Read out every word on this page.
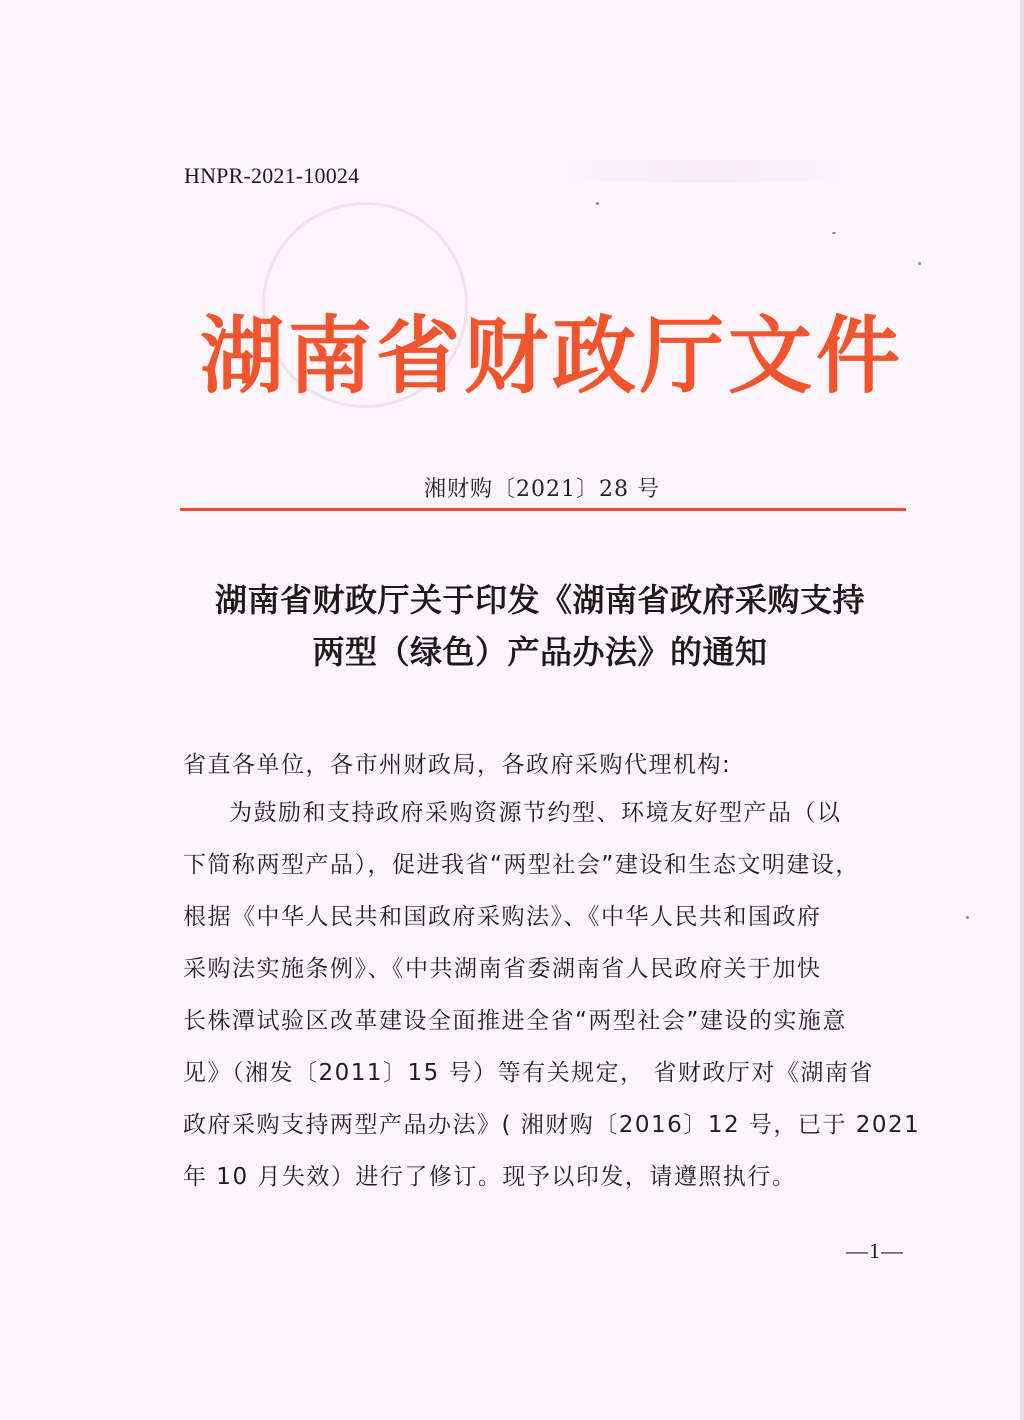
HNPR-2021-10024
湖南省财政厅文件
湘财购〔2021〕28 号
湖南省财政厅关于印发《湖南省政府采购支持
两型（绿色）产品办法》的通知
省直各单位，各市州财政局，各政府采购代理机构:
为鼓励和支持政府采购资源节约型、环境友好型产品（以
下简称两型产品），促进我省“两型社会”建设和生态文明建设，
根据《中华人民共和国政府采购法》、《中华人民共和国政府
采购法实施条例》、《中共湖南省委湖南省人民政府关于加快
长株潭试验区改革建设全面推进全省“两型社会”建设的实施意
见》（湘发〔2011〕15 号）等有关规定， 省财政厅对《湖南省
政府采购支持两型产品办法》( 湘财购〔2016〕12 号，已于 2021
年 10 月失效）进行了修订。现予以印发，请遵照执行。
—1—
